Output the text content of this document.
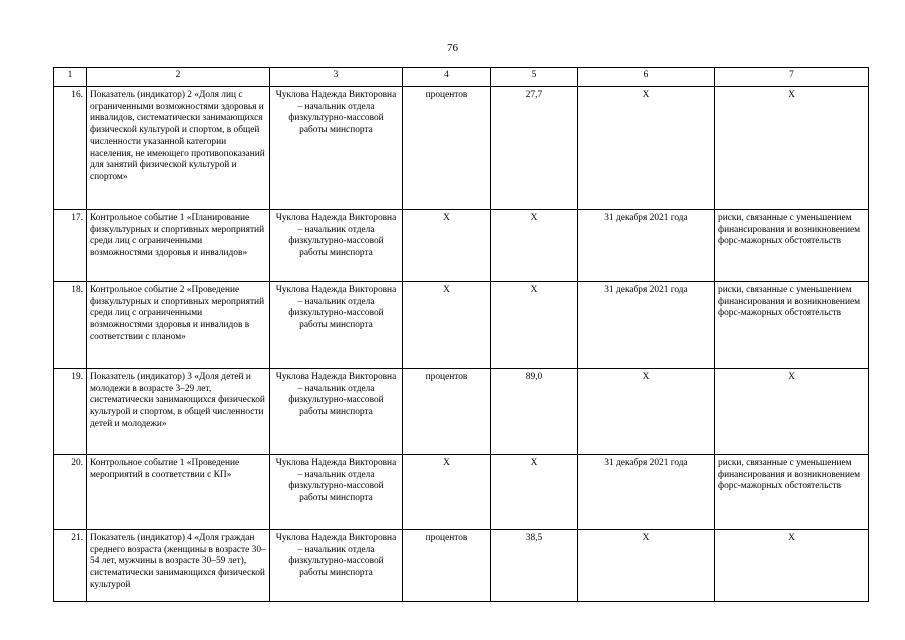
76
1	2	3	4	5	6	7
16.	Показатель (индикатор) 2 «Доля лиц с ограниченными возможностями здоровья и инвалидов, систематически занимающихся физической культурой и спортом, в общей численности указанной категории населения, не имеющего противопоказаний для занятий физической культурой и спортом»	Чуклова Надежда Викторовна – начальник отдела физкультурно-массовой работы минспорта	процентов	27,7	X	X
17.	Контрольное событие 1 «Планирование физкультурных и спортивных мероприятий среди лиц с ограниченными возможностями здоровья и инвалидов»	Чуклова Надежда Викторовна – начальник отдела физкультурно-массовой работы минспорта	X	X	31 декабря 2021 года	риски, связанные с уменьшением финансирования и возникновением форс-мажорных обстоятельств
18.	Контрольное событие 2 «Проведение физкультурных и спортивных мероприятий среди лиц с ограниченными возможностями здоровья и инвалидов в соответствии с планом»	Чуклова Надежда Викторовна – начальник отдела физкультурно-массовой работы минспорта	X	X	31 декабря 2021 года	риски, связанные с уменьшением финансирования и возникновением форс-мажорных обстоятельств
19.	Показатель (индикатор) 3 «Доля детей и молодежи в возрасте 3–29 лет, систематически занимающихся физической культурой и спортом, в общей численности детей и молодежи»	Чуклова Надежда Викторовна – начальник отдела физкультурно-массовой работы минспорта	процентов	89,0	X	X
20.	Контрольное событие 1 «Проведение мероприятий в соответствии с КП»	Чуклова Надежда Викторовна – начальник отдела физкультурно-массовой работы минспорта	X	X	31 декабря 2021 года	риски, связанные с уменьшением финансирования и возникновением форс-мажорных обстоятельств
21.	Показатель (индикатор) 4 «Доля граждан среднего возраста (женщины в возрасте 30–54 лет, мужчины в возрасте 30–59 лет), систематически занимающихся физической культурой	Чуклова Надежда Викторовна – начальник отдела физкультурно-массовой работы минспорта	процентов	38,5	X	X
